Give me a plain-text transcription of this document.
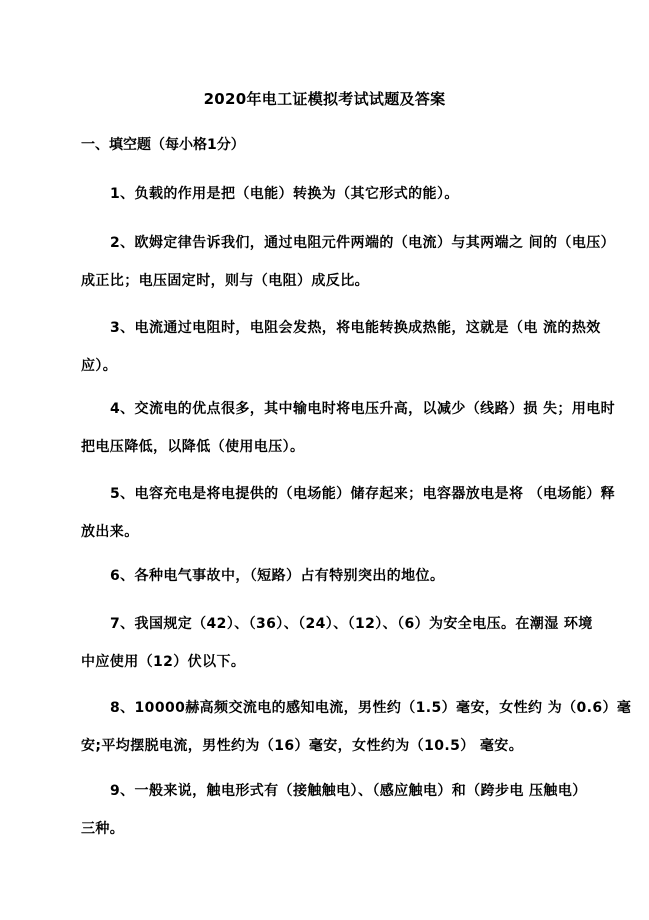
2020年电工证模拟考试试题及答案
一、填空题（每小格1分）
1、负载的作用是把（电能）转换为（其它形式的能）。
2、欧姆定律告诉我们，通过电阻元件两端的（电流）与其两端之 间的（电压）
成正比；电压固定时，则与（电阻）成反比。
3、电流通过电阻时，电阻会发热，将电能转换成热能，这就是（电 流的热效
应）。
4、交流电的优点很多，其中输电时将电压升高，以减少（线路）损 失；用电时
把电压降低，以降低（使用电压）。
5、电容充电是将电提供的（电场能）储存起来；电容器放电是将 （电场能）释
放出来。
6、各种电气事故中，（短路）占有特别突出的地位。
7、我国规定（42）、（36）、（24）、（12）、（6）为安全电压。在潮湿 环境
中应使用（12）伏以下。
8、10000赫高频交流电的感知电流，男性约（1.5）毫安，女性约 为（0.6）毫
安;平均摆脱电流，男性约为（16）毫安，女性约为（10.5） 毫安。
9、一般来说，触电形式有（接触触电）、（感应触电）和（跨步电 压触电）
三种。
